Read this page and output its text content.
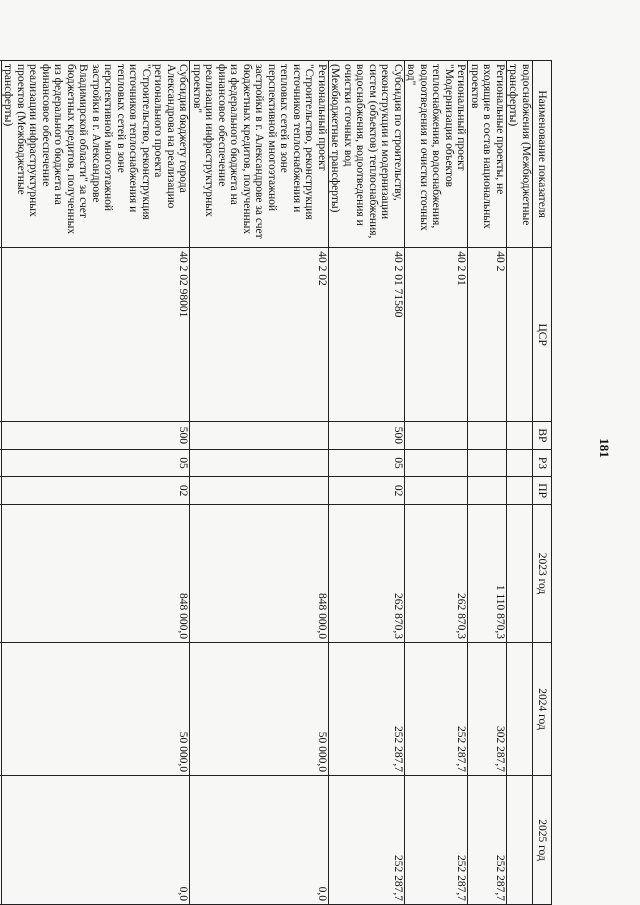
181
Наименование показателя	ЦСР	ВР	РЗ	ПР	2023 год	2024 год	2025 год
водоснабжения (Межбюджетные трансферты)							
Региональные проекты, не входящие в состав национальных проектов	40 2				1 110 870,3	302 287,7	252 287,7
Региональный проект "Модернизация объектов теплоснабжения, водоснабжения, водоотведения и очистки сточных вод"	40 2 01				262 870,3	252 287,7	252 287,7
Субсидия по строительству, реконструкции и модернизации систем (объектов) теплоснабжения, водоснабжения, водоотведения и очистки сточных вод (Межбюджетные трансферты)	40 2 01 71580	500	05	02	262 870,3	252 287,7	252 287,7
Региональный проект "Строительство, реконструкция источников теплоснабжения и тепловых сетей в зоне перспективной многоэтажной застройки в г. Александрове за счет бюджетных кредитов, полученных из федерального бюджета на финансовое обеспечение реализации инфраструктурных проектов"	40 2 02				848 000,0	50 000,0	0,0
Субсидия бюджету города Александрова на реализацию регионального проекта "Строительство, реконструкция источников теплоснабжения и тепловых сетей в зоне перспективной многоэтажной застройки в г. Александрове Владимирской области" за счет бюджетных кредитов, полученных из федерального бюджета на финансовое обеспечение реализации инфраструктурных проектов (Межбюджетные трансферты)	40 2 02 98001	500	05	02	848 000,0	50 000,0	0,0
